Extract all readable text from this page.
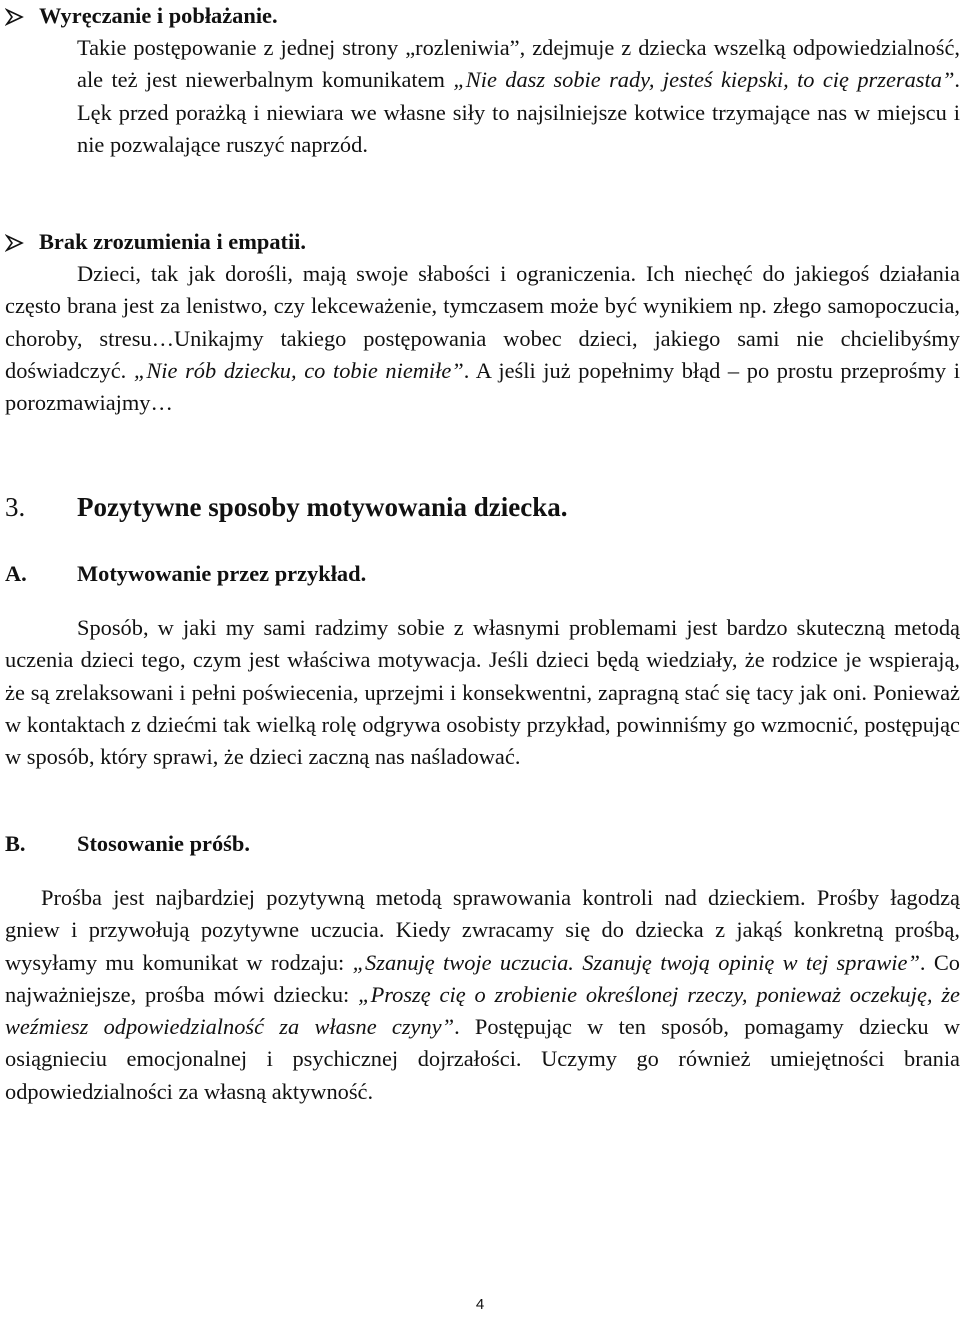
Wyręczanie i pobłażanie.

Takie postępowanie z jednej strony „rozleniwia”, zdejmuje z dziecka wszelką odpowiedzialność, ale też jest niewerbalnym komunikatem „Nie dasz sobie rady, jesteś kiepski, to cię przerasta”. Lęk przed porażką i niewiara we własne siły to najsilniejsze kotwice trzymające nas w miejscu i nie pozwalające ruszyć naprzód.

Brak zrozumienia i empatii.

Dzieci, tak jak dorośli, mają swoje słabości i ograniczenia. Ich niechęć do jakiegoś działania często brana jest za lenistwo, czy lekceważenie, tymczasem może być wynikiem np. złego samopoczucia, choroby, stresu…Unikajmy takiego postępowania wobec dzieci, jakiego sami nie chcielibyśmy doświadczyć. „Nie rób dziecku, co tobie niemiłe”. A jeśli już popełnimy błąd – po prostu przeprośmy i porozmawiajmy…

3. Pozytywne sposoby motywowania dziecka.
A. Motywowanie przez przykład.

Sposób, w jaki my sami radzimy sobie z własnymi problemami jest bardzo skuteczną metodą uczenia dzieci tego, czym jest właściwa motywacja. Jeśli dzieci będą wiedziały, że rodzice je wspierają, że są zrelaksowani i pełni poświecenia, uprzejmi i konsekwentni, zapragną stać się tacy jak oni. Ponieważ w kontaktach z dziećmi tak wielką rolę odgrywa osobisty przykład, powinniśmy go wzmocnić, postępując w sposób, który sprawi, że dzieci zaczną nas naśladować.

B. Stosowanie próśb.

Prośba jest najbardziej pozytywną metodą sprawowania kontroli nad dzieckiem. Prośby łagodzą gniew i przywołują pozytywne uczucia. Kiedy zwracamy się do dziecka z jakąś konkretną prośbą, wysyłamy mu komunikat w rodzaju: „Szanuję twoje uczucia. Szanuję twoją opinię w tej sprawie”. Co najważniejsze, prośba mówi dziecku: „Proszę cię o zrobienie określonej rzeczy, ponieważ oczekuję, że weźmiesz odpowiedzialność za własne czyny”. Postępując w ten sposób, pomagamy dziecku w osiągnieciu emocjonalnej i psychicznej dojrzałości. Uczymy go również umiejętności brania odpowiedzialności za własną aktywność.

4
